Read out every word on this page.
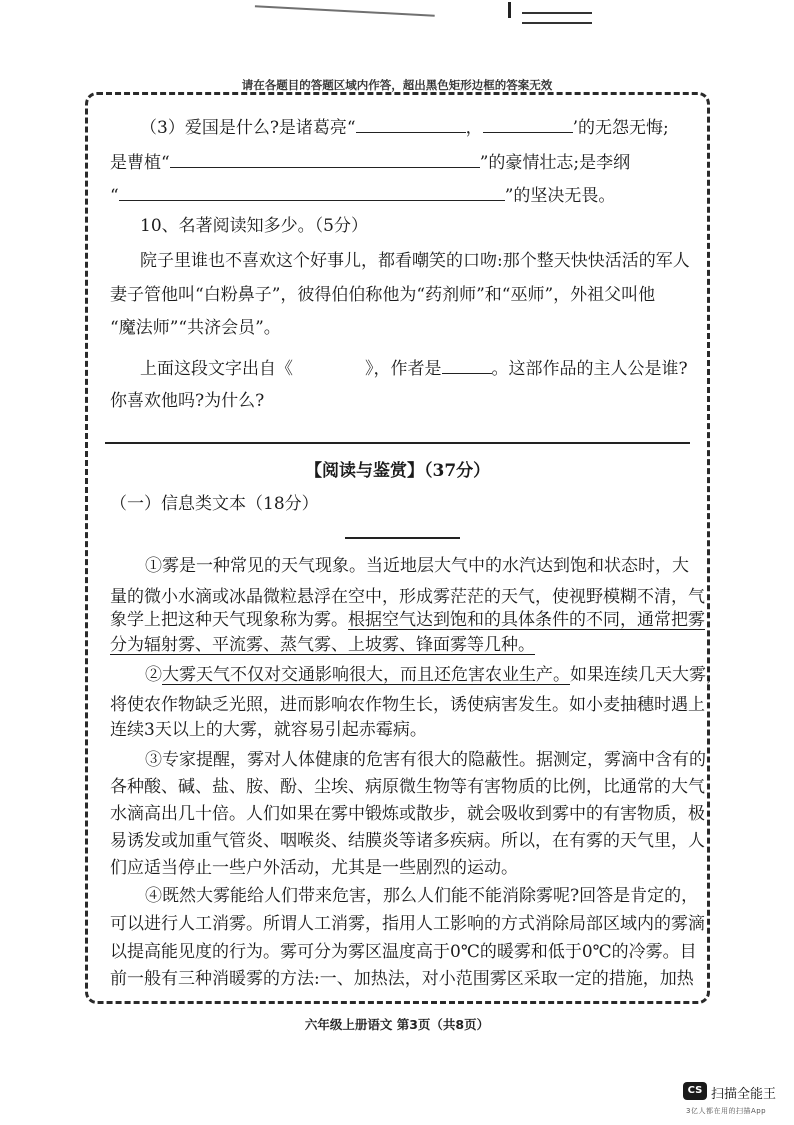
请在各题目的答题区域内作答，超出黑色矩形边框的答案无效
（3）爱国是什么?是诸葛亮“	，	’的无怨无悔;
是曹植“	”的豪情壮志;是李纲
“	”的坚决无畏。
10、名著阅读知多少。（5分）
院子里谁也不喜欢这个好事儿，都看嘲笑的口吻:那个整天快快活活的军人
妻子管他叫“白粉鼻子”，彼得伯伯称他为“药剂师”和“巫师”，外祖父叫他
“魔法师”“共济会员”。
上面这段文字出自《	》，作者是	。这部作品的主人公是谁?
你喜欢他吗?为什么?
【阅读与鉴赏】（37分）
（一）信息类文本（18分）
①雾是一种常见的天气现象。当近地层大气中的水汽达到饱和状态时，大
量的微小水滴或冰晶微粒悬浮在空中，形成雾茫茫的天气，使视野模糊不清，气
象学上把这种天气现象称为雾。根据空气达到饱和的具体条件的不同，通常把雾
分为辐射雾、平流雾、蒸气雾、上坡雾、锋面雾等几种。
②大雾天气不仅对交通影响很大，而且还危害农业生产。如果连续几天大雾，
将使农作物缺乏光照，进而影响农作物生长，诱使病害发生。如小麦抽穗时遇上
连续3天以上的大雾，就容易引起赤霉病。
③专家提醒，雾对人体健康的危害有很大的隐蔽性。据测定，雾滴中含有的
各种酸、碱、盐、胺、酚、尘埃、病原微生物等有害物质的比例，比通常的大气
水滴高出几十倍。人们如果在雾中锻炼或散步，就会吸收到雾中的有害物质，极
易诱发或加重气管炎、咽喉炎、结膜炎等诸多疾病。所以，在有雾的天气里，人
们应适当停止一些户外活动，尤其是一些剧烈的运动。
④既然大雾能给人们带来危害，那么人们能不能消除雾呢?回答是肯定的，
可以进行人工消雾。所谓人工消雾，指用人工影响的方式消除局部区域内的雾滴
以提高能见度的行为。雾可分为雾区温度高于0℃的暖雾和低于0℃的冷雾。目
前一般有三种消暖雾的方法:一、加热法，对小范围雾区采取一定的措施，加热
六年级上册语文 第3页（共8页）
CS 扫描全能王
3亿人都在用的扫描App
